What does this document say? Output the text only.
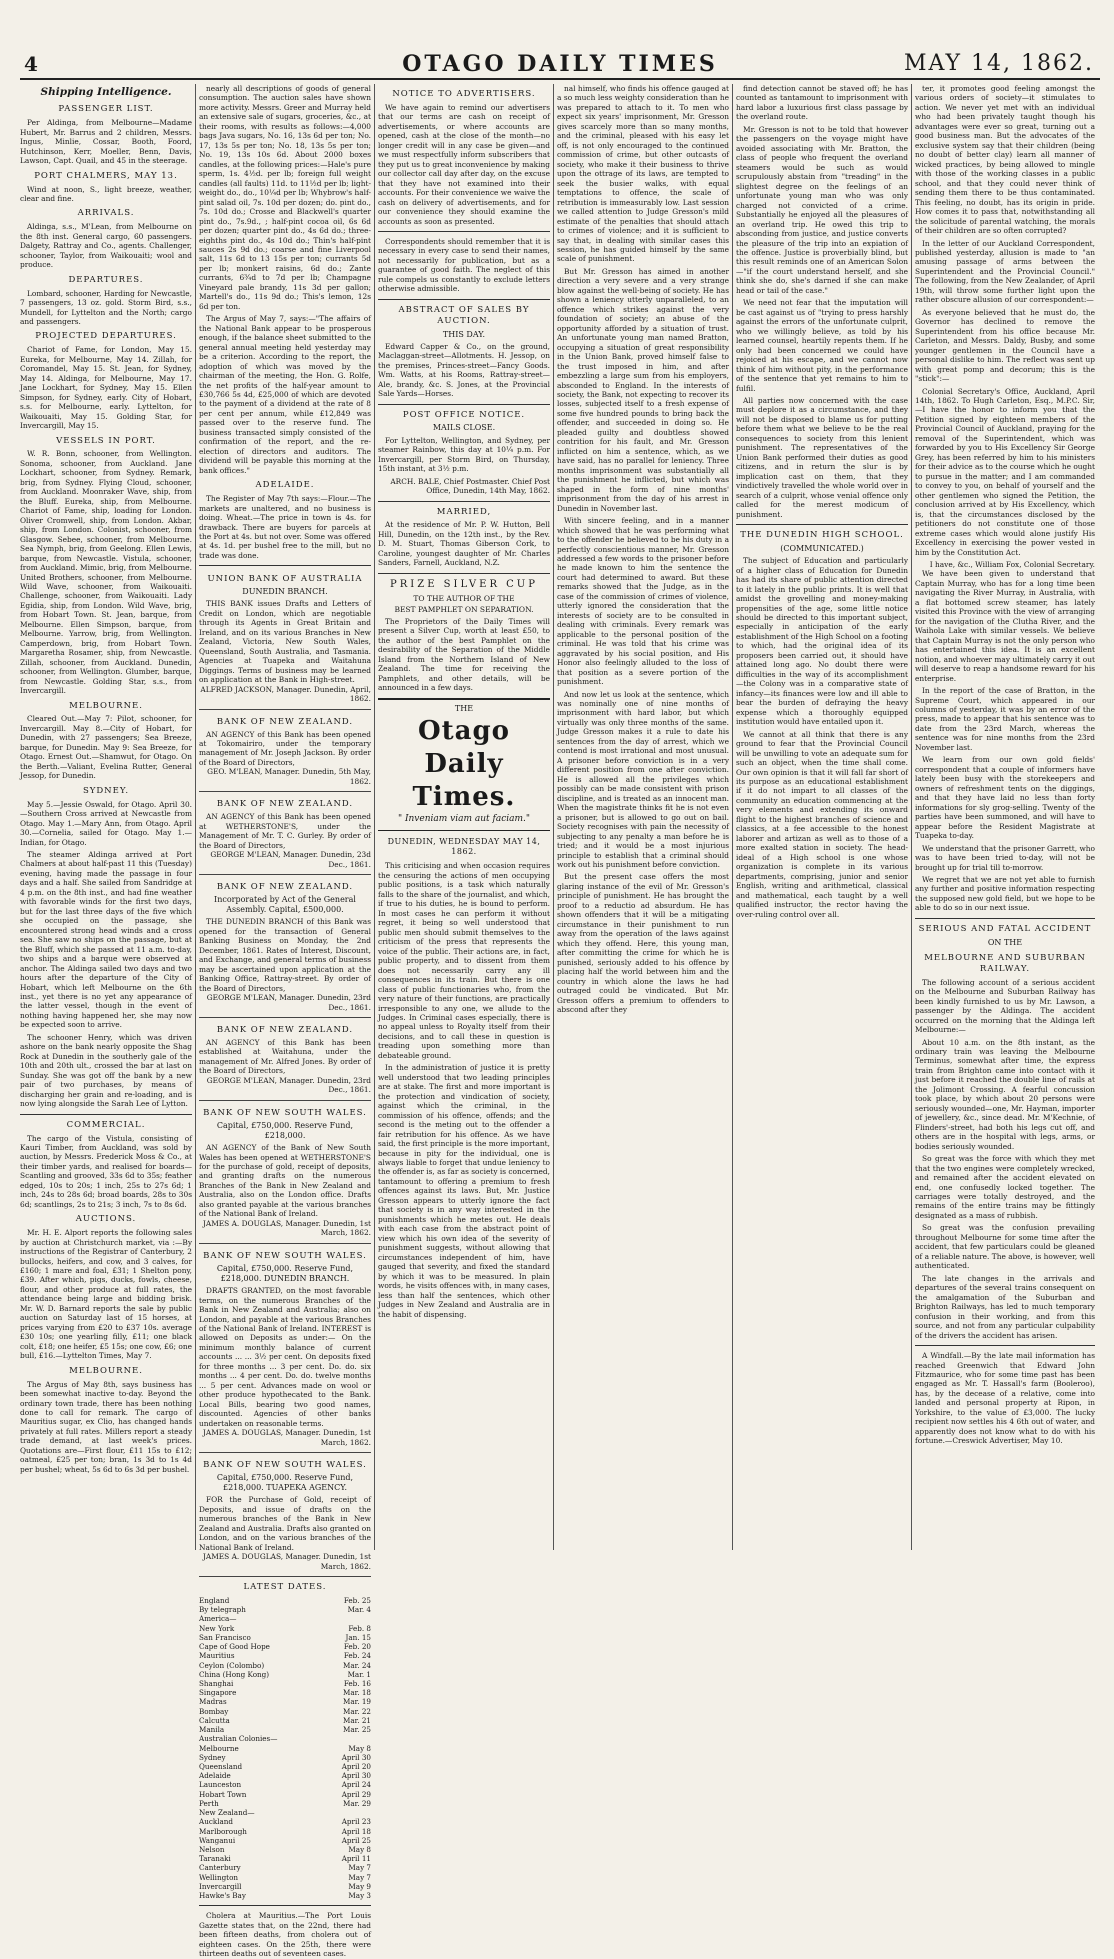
4	OTAGO DAILY TIMES	MAY 14, 1862.
Shipping Intelligence.
PASSENGER LIST.

Per Aldinga, from Melbourne—Madame Hubert, Mr. Barrus and 2 children, Messrs. Ingus, Minlie, Cossar, Booth, Foord, Hutchinson, Kerr, Moeller, Benn, Davis, Lawson, Capt. Quail, and 45 in the steerage.

PORT CHALMERS, MAY 13.

Wind at noon, S., light breeze, weather, clear and fine.

ARRIVALS.

Aldinga, s.s., M'Lean, from Melbourne on the 8th inst. General cargo, 60 passengers. Dalgety, Rattray and Co., agents. Challenger, schooner, Taylor, from Waikouaiti; wool and produce.

DEPARTURES.

Lombard, schooner, Harding for Newcastle, 7 passengers, 13 oz. gold. Storm Bird, s.s., Mundell, for Lyttelton and the North; cargo and passengers.

PROJECTED DEPARTURES.

Chariot of Fame, for London, May 15. Eureka, for Melbourne, May 14. Zillah, for Coromandel, May 15. St. Jean, for Sydney, May 14. Aldinga, for Melbourne, May 17. Jane Lockhart, for Sydney, May 15. Ellen Simpson, for Sydney, early. City of Hobart, s.s. for Melbourne, early. Lyttelton, for Waikouaiti, May 15. Golding Star, for Invercargill, May 15.

VESSELS IN PORT.

W. R. Bonn, schooner, from Wellington. Sonoma, schooner, from Auckland. Jane Lockhart, schooner, from Sydney. Remark, brig, from Sydney. Flying Cloud, schooner, from Auckland. Moonraker Wave, ship, from the Bluff. Eureka, ship, from Melbourne. Chariot of Fame, ship, loading for London. Oliver Cromwell, ship, from London. Akbar, ship, from London. Colonist, schooner, from Glasgow. Sebee, schooner, from Melbourne. Sea Nymph, brig, from Geelong. Ellen Lewis, barque, from Newcastle. Vistula, schooner, from Auckland. Mimic, brig, from Melbourne. United Brothers, schooner, from Melbourne. Wild Wave, schooner, from Waikouaiti. Challenge, schooner, from Waikouaiti. Lady Egidia, ship, from London. Wild Wave, brig, from Hobart Town. St. Jean, barque, from Melbourne. Ellen Simpson, barque, from Melbourne. Yarrow, brig, from Wellington. Camperdown, brig, from Hobart Town. Margaretha Rosamer, ship, from Newcastle. Zillah, schooner, from Auckland. Dunedin, schooner, from Wellington. Glumber, barque, from Newcastle. Golding Star, s.s., from Invercargill.

MELBOURNE.

Cleared Out.—May 7: Pilot, schooner, for Invercargill. May 8.—City of Hobart, for Dunedin, with 27 passengers; Sea Breeze, barque, for Dunedin. May 9: Sea Breeze, for Otago. Ernest Out.—Shamwut, for Otago. On the Berth.—Valiant, Evelina Rutter, General Jessop, for Dunedin.

SYDNEY.

May 5.—Jessie Oswald, for Otago. April 30.—Southern Cross arrived at Newcastle from Otago. May 1.—Mary Ann, from Otago. April 30.—Cornelia, sailed for Otago. May 1.—Indian, for Otago.

The steamer Aldinga arrived at Port Chalmers at about half-past 11 this (Tuesday) evening, having made the passage in four days and a half. She sailed from Sandridge at 4 p.m. on the 8th inst., and had fine weather with favorable winds for the first two days, but for the last three days of the five which she occupied on the passage, she encountered strong head winds and a cross sea. She saw no ships on the passage, but at the Bluff, which she passed at 11 a.m. to-day, two ships and a barque were observed at anchor. The Aldinga sailed two days and two hours after the departure of the City of Hobart, which left Melbourne on the 6th inst., yet there is no yet any appearance of the latter vessel, though in the event of nothing having happened her, she may now be expected soon to arrive.

The schooner Henry, which was driven ashore on the bank nearly opposite the Shag Rock at Dunedin in the southerly gale of the 10th and 20th ult., crossed the bar at last on Sunday. She was got off the bank by a new pair of two purchases, by means of discharging her grain and re-loading, and is now lying alongside the Sarah Lee of Lytton.

COMMERCIAL.

The cargo of the Vistula, consisting of Kauri Timber, from Auckland, was sold by auction, by Messrs. Frederick Moss & Co., at their timber yards, and realised for boards—Scantling and grooved, 33s 6d to 35s; feather edged, 10s to 20s; 1 inch, 25s to 27s 6d; 1 inch, 24s to 28s 6d; broad boards, 28s to 30s 6d; scantlings, 2s to 21s; 3 inch, 7s to 8s 6d.

AUCTIONS.

Mr. H. E. Alport reports the following sales by auction at Christchurch market, via :—By instructions of the Registrar of Canterbury, 2 bullocks, heifers, and cow, and 3 calves, for £160; 1 mare and foal, £31; 1 Shelton pony, £39. After which, pigs, ducks, fowls, cheese, flour, and other produce at full rates, the attendance being large and bidding brisk. Mr. W. D. Barnard reports the sale by public auction on Saturday last of 15 horses, at prices varying from £20 to £37 10s. average £30 10s; one yearling filly, £11; one black colt, £18; one heifer, £5 15s; one cow, £6; one bull, £16.—Lyttelton Times, May 7.

MELBOURNE.

The Argus of May 8th, says business has been somewhat inactive to-day. Beyond the ordinary town trade, there has been nothing done to call for remark. The cargo of Mauritius sugar, ex Clio, has changed hands privately at full rates. Millers report a steady trade demand, at last week's prices. Quotations are—First flour, £11 15s to £12; oatmeal, £25 per ton; bran, 1s 3d to 1s 4d per bushel; wheat, 5s 6d to 6s 3d per bushel.

nearly all descriptions of goods of general consumption. The auction sales have shown more activity. Messrs. Greer and Murray held an extensive sale of sugars, groceries, &c., at their rooms, with results as follows:—4,000 bags Java sugars, No. 16, 13s 6d per ton; No. 17, 13s 5s per ton; No. 18, 13s 5s per ton; No. 19, 13s 10s 6d. About 2000 boxes candles, at the following prices:—Hale's pure sperm, 1s. 4½d. per lb; foreign full weight candles (all faults) 11d. to 11½d per lb; light-weight do., do., 10¼d per lb; Whybrow's half-pint salad oil, 7s. 10d per dozen; do. pint do., 7s. 10d do.; Crosse and Blackwell's quarter pint do., 7s.9d., ; half-pint cocoa oil, 6s 6d per dozen; quarter pint do., 4s 6d do.; three-eighths pint do., 4s 10d do.; Thin's half-pint sauces 2s 9d do.; coarse and fine Liverpool salt, 11s 6d to 13 15s per ton; currants 5d per lb; monkert raisins, 6d do.; Zante currants, 6¾d to 7d per lb; Champagne Vineyard pale brandy, 11s 3d per gallon; Martell's do., 11s 9d do.; This's lemon, 12s 6d per ton.

The Argus of May 7, says:—"The affairs of the National Bank appear to be prosperous enough, if the balance sheet submitted to the general annual meeting held yesterday may be a criterion. According to the report, the adoption of which was moved by the chairman of the meeting, the Hon. G. Rolfe, the net profits of the half-year amount to £30,766 5s 4d, £25,000 of which are devoted to the payment of a dividend at the rate of 8 per cent per annum, while £12,849 was passed over to the reserve fund. The business transacted simply consisted of the confirmation of the report, and the re-election of directors and auditors. The dividend will be payable this morning at the bank offices."

ADELAIDE.

The Register of May 7th says:—Flour.—The markets are unaltered, and no business is doing. Wheat.—The price in town is 4s. for drawback. There are buyers for parcels at the Port at 4s. but not over. Some was offered at 4s. 1d. per bushel free to the mill, but no trade was done.

UNION BANK OF AUSTRALIA
DUNEDIN BRANCH.
THIS BANK issues Drafts and Letters of Credit on London, which are negotiable through its Agents in Great Britain and Ireland, and on its various Branches in New Zealand, Victoria, New South Wales, Queensland, South Australia, and Tasmania. Agencies at Tuapeka and Waitahuna Diggings. Terms of business may be learned on application at the Bank in High-street.
ALFRED JACKSON, Manager. Dunedin, April, 1862.
BANK OF NEW ZEALAND.
AN AGENCY of this Bank has been opened at Tokomairiro, under the temporary management of Mr. Joseph Jackson. By order of the Board of Directors,
GEO. M'LEAN, Manager. Dunedin, 5th May, 1862.
BANK OF NEW ZEALAND.
AN AGENCY of this Bank has been opened at WETHERSTONE'S, under the Management of Mr. T. C. Gurley. By order of the Board of Directors,
GEORGE M'LEAN, Manager. Dunedin, 23d Dec., 1861.
BANK OF NEW ZEALAND.
Incorporated by Act of the General Assembly. Capital, £500,000.
THE DUNEDIN BRANCH of this Bank was opened for the transaction of General Banking Business on Monday, the 2nd December, 1861. Rates of Interest, Discount, and Exchange, and general terms of business may be ascertained upon application at the Banking Office, Rattray-street. By order of the Board of Directors,
GEORGE M'LEAN, Manager. Dunedin, 23rd Dec., 1861.
BANK OF NEW ZEALAND.
AN AGENCY of this Bank has been established at Waitahuna, under the management of Mr. Alfred Jones. By order of the Board of Directors,
GEORGE M'LEAN, Manager. Dunedin, 23rd Dec., 1861.
BANK OF NEW SOUTH WALES.
Capital, £750,000. Reserve Fund, £218,000.
AN AGENCY of the Bank of New South Wales has been opened at WETHERSTONE'S for the purchase of gold, receipt of deposits, and granting drafts on the numerous Branches of the Bank in New Zealand and Australia, also on the London office. Drafts also granted payable at the various branches of the National Bank of Ireland.
JAMES A. DOUGLAS, Manager. Dunedin, 1st March, 1862.
BANK OF NEW SOUTH WALES.
Capital, £750,000. Reserve Fund, £218,000. DUNEDIN BRANCH.
DRAFTS GRANTED, on the most favorable terms, on the numerous Branches of the Bank in New Zealand and Australia; also on London, and payable at the various Branches of the National Bank of Ireland. INTEREST is allowed on Deposits as under:— On the minimum monthly balance of current accounts ... ... 3½ per cent. On deposits fixed for three months ... 3 per cent. Do. do. six months ... 4 per cent. Do. do. twelve months ... 5 per cent. Advances made on wool or other produce hypothecated to the Bank. Local Bills, bearing two good names, discounted. Agencies of other banks undertaken on reasonable terms.
JAMES A. DOUGLAS, Manager. Dunedin, 1st March, 1862.
BANK OF NEW SOUTH WALES.
Capital, £750,000. Reserve Fund, £218,000. TUAPEKA AGENCY.
FOR the Purchase of Gold, receipt of Deposits, and issue of drafts on the numerous branches of the Bank in New Zealand and Australia. Drafts also granted on London, and on the various branches of the National Bank of Ireland.
JAMES A. DOUGLAS, Manager. Dunedin, 1st March, 1862.
LATEST DATES.
England	Feb. 25
By telegraph	Mar. 4
America—	
New York	Feb. 8
San Francisco	Jan. 15
Cape of Good Hope	Feb. 20
Mauritius	Feb. 24
Ceylon (Colombo)	Mar. 24
China (Hong Kong)	Mar. 1
Shanghai	Feb. 16
Singapore	Mar. 18
Madras	Mar. 19
Bombay	Mar. 22
Calcutta	Mar. 21
Manila	Mar. 25
Australian Colonies—	
Melbourne	May 8
Sydney	April 30
Queensland	April 20
Adelaide	April 30
Launceston	April 24
Hobart Town	April 29
Perth	Mar. 29
New Zealand—	
Auckland	April 23
Marlborough	April 18
Wanganui	April 25
Nelson	May 8
Taranaki	April 11
Canterbury	May 7
Wellington	May 7
Invercargill	May 9
Hawke's Bay	May 3

Cholera at Mauritius.—The Port Louis Gazette states that, on the 22nd, there had been fifteen deaths, from cholera out of eighteen cases. On the 25th, there were thirteen deaths out of seventeen cases.

NOTICE TO ADVERTISERS.

We have again to remind our advertisers that our terms are cash on receipt of advertisements, or where accounts are opened, cash at the close of the month—no longer credit will in any case be given—and we must respectfully inform subscribers that they put us to great inconvenience by making our collector call day after day, on the excuse that they have not examined into their accounts. For their convenience we waive the cash on delivery of advertisements, and for our convenience they should examine the accounts as soon as presented.

Correspondents should remember that it is necessary in every case to send their names, not necessarily for publication, but as a guarantee of good faith. The neglect of this rule compels us constantly to exclude letters otherwise admissible.

ABSTRACT OF SALES BY AUCTION.
THIS DAY.

Edward Capper & Co., on the ground, Maclaggan-street—Allotments. H. Jessop, on the premises, Princes-street—Fancy Goods. Wm. Watts, at his Rooms, Rattray-street—Ale, brandy, &c. S. Jones, at the Provincial Sale Yards—Horses.

POST OFFICE NOTICE.
MAILS CLOSE.

For Lyttelton, Wellington, and Sydney, per steamer Rainbow, this day at 10¼ p.m. For Invercargill, per Storm Bird, on Thursday, 15th instant, at 3½ p.m.

ARCH. BALE, Chief Postmaster. Chief Post Office, Dunedin, 14th May, 1862.
MARRIED,

At the residence of Mr. P. W. Hutton, Bell Hill, Dunedin, on the 12th inst., by the Rev. D. M. Stuart, Thomas Giberson Cork, to Caroline, youngest daughter of Mr. Charles Sanders, Farnell, Auckland, N.Z.

PRIZE SILVER CUP
TO THE AUTHOR OF THE
BEST PAMPHLET ON SEPARATION.

The Proprietors of the Daily Times will present a Silver Cup, worth at least £50, to the author of the best Pamphlet on the desirability of the Separation of the Middle Island from the Northern Island of New Zealand. The time for receiving the Pamphlets, and other details, will be announced in a few days.

THE
Otago Daily Times.
" Inveniam viam aut faciam."
DUNEDIN, WEDNESDAY MAY 14, 1862.

This criticising and when occasion requires the censuring the actions of men occupying public positions, is a task which naturally falls to the share of the journalist, and which, if true to his duties, he is bound to perform. In most cases he can perform it without regret, it being so well understood that public men should submit themselves to the criticism of the press that represents the voice of the public. Their actions are, in fact, public property, and to dissent from them does not necessarily carry any ill consequences in its train. But there is one class of public functionaries who, from the very nature of their functions, are practically irresponsible to any one, we allude to the Judges. In Criminal cases especially, there is no appeal unless to Royalty itself from their decisions, and to call these in question is treading upon something more than debateable ground.

In the administration of justice it is pretty well understood that two leading principles are at stake. The first and more important is the protection and vindication of society, against which the criminal, in the commission of his offence, offends; and the second is the meting out to the offender a fair retribution for his offence. As we have said, the first principle is the more important, because in pity for the individual, one is always liable to forget that undue leniency to the offender is, as far as society is concerned, tantamount to offering a premium to fresh offences against its laws. But, Mr. Justice Gresson appears to utterly ignore the fact that society is in any way interested in the punishments which he metes out. He deals with each case from the abstract point of view which his own idea of the severity of punishment suggests, without allowing that circumstances independent of him, have gauged that severity, and fixed the standard by which it was to be measured. In plain words, he visits offences with, in many cases, less than half the sentences, which other Judges in New Zealand and Australia are in the habit of dispensing.

nal himself, who finds his offence gauged at a so much less weighty consideration than he was prepared to attach to it. To men who expect six years' imprisonment, Mr. Gresson gives scarcely more than so many months, and the criminal, pleased with his easy let off, is not only encouraged to the continued commission of crime, but other outcasts of society, who make it their business to thrive upon the ottrage of its laws, are tempted to seek the busier walks, with equal temptations to offence, the scale of retribution is immeasurably low. Last session we called attention to Judge Gresson's mild estimate of the penalties that should attach to crimes of violence; and it is sufficient to say that, in dealing with similar cases this session, he has guided himself by the same scale of punishment.

But Mr. Gresson has aimed in another direction a very severe and a very strange blow against the well-being of society. He has shown a leniency utterly unparalleled, to an offence which strikes against the very foundation of society; an abuse of the opportunity afforded by a situation of trust. An unfortunate young man named Bratton, occupying a situation of great responsibility in the Union Bank, proved himself false to the trust imposed in him, and after embezzling a large sum from his employers, absconded to England. In the interests of society, the Bank, not expecting to recover its losses, subjected itself to a fresh expense of some five hundred pounds to bring back the offender, and succeeded in doing so. He pleaded guilty and doubtless showed contrition for his fault, and Mr. Gresson inflicted on him a sentence, which, as we have said, has no parallel for leniency. Three months imprisonment was substantially all the punishment he inflicted, but which was shaped in the form of nine months' imprisonment from the day of his arrest in Dunedin in November last.

With sincere feeling, and in a manner which showed that he was performing what to the offender he believed to be his duty in a perfectly conscientious manner, Mr. Gresson addressed a few words to the prisoner before he made known to him the sentence the court had determined to award. But these remarks showed that the Judge, as in the case of the commission of crimes of violence, utterly ignored the consideration that the interests of society are to be consulted in dealing with criminals. Every remark was applicable to the personal position of the criminal. He was told that his crime was aggravated by his social position, and His Honor also feelingly alluded to the loss of that position as a severe portion of the punishment.

And now let us look at the sentence, which was nominally one of nine months of imprisonment with hard labor, but which virtually was only three months of the same. Judge Gresson makes it a rule to date his sentences from the day of arrest, which we contend is most irrational and most unusual. A prisoner before conviction is in a very different position from one after conviction. He is allowed all the privileges which possibly can be made consistent with prison discipline, and is treated as an innocent man. When the magistrate thinks fit he is not even a prisoner, but is allowed to go out on bail. Society recognises with pain the necessity of subjecting to any penalty a man before he is tried; and it would be a most injurious principle to establish that a criminal should work out his punishment before conviction.

But the present case offers the most glaring instance of the evil of Mr. Gresson's principle of punishment. He has brought the proof to a reductio ad absurdum. He has shown offenders that it will be a mitigating circumstance in their punishment to run away from the operation of the laws against which they offend. Here, this young man, after committing the crime for which he is punished, seriously added to his offence by placing half the world between him and the country in which alone the laws he had outraged could be vindicated. But Mr. Gresson offers a premium to offenders to abscond after they

find detection cannot be staved off; he has counted as tantamount to imprisonment with hard labor a luxurious first class passage by the overland route.

Mr. Gresson is not to be told that however the passengers on the voyage might have avoided associating with Mr. Bratton, the class of people who frequent the overland steamers would be such as would scrupulously abstain from "treading" in the slightest degree on the feelings of an unfortunate young man who was only charged not convicted of a crime. Substantially he enjoyed all the pleasures of an overland trip. He owed this trip to absconding from justice, and justice converts the pleasure of the trip into an expiation of the offence. Justice is proverbially blind, but this result reminds one of an American Solon—"if the court understand herself, and she think she do, she's darned if she can make head or tail of the case."

We need not fear that the imputation will be cast against us of "trying to press harshly against the errors of the unfortunate culprit, who we willingly believe, as told by his learned counsel, heartily repents them. If he only had been concerned we could have rejoiced at his escape, and we cannot now think of him without pity, in the performance of the sentence that yet remains to him to fulfil.

All parties now concerned with the case must deplore it as a circumstance, and they will not be disposed to blame us for putting before them what we believe to be the real consequences to society from this lenient punishment. The representatives of the Union Bank performed their duties as good citizens, and in return the slur is by implication cast on them, that they vindictively travelled the whole world over in search of a culprit, whose venial offence only called for the merest modicum of punishment.

THE DUNEDIN HIGH SCHOOL.
(COMMUNICATED.)

The subject of Education and particularly of a higher class of Education for Dunedin has had its share of public attention directed to it lately in the public prints. It is well that amidst the grovelling and money-making propensities of the age, some little notice should be directed to this important subject, especially in anticipation of the early establishment of the High School on a footing to which, had the original idea of its proposers been carried out, it should have attained long ago. No doubt there were difficulties in the way of its accomplishment—the Colony was in a comparative state of infancy—its finances were low and ill able to bear the burden of defraying the heavy expense which a thoroughly equipped institution would have entailed upon it.

We cannot at all think that there is any ground to fear that the Provincial Council will be unwilling to vote an adequate sum for such an object, when the time shall come. Our own opinion is that it will fall far short of its purpose as an educational establishment if it do not impart to all classes of the community an education commencing at the very elements and extending its onward flight to the highest branches of science and classics, at a fee accessible to the honest laborer and artizan as well as to those of a more exalted station in society. The head-ideal of a High school is one whose organization is complete in its various departments, comprising, junior and senior English, writing and arithmetical, classical and mathematical, each taught by a well qualified instructor, the rector having the over-ruling control over all.

ter, it promotes good feeling amongst the various orders of society—it stimulates to action. We never yet met with an individual who had been privately taught though his advantages were ever so great, turning out a good business man. But the advocates of the exclusive system say that their children (being no doubt of better clay) learn all manner of wicked practices, by being allowed to mingle with those of the working classes in a public school, and that they could never think of sending them there to be thus contaminated. This feeling, no doubt, has its origin in pride. How comes it to pass that, notwithstanding all the solicitude of parental watching, the morals of their children are so often corrupted?

In the letter of our Auckland Correspondent, published yesterday, allusion is made to "an amusing passage of arms between the Superintendent and the Provincial Council." The following, from the New Zealander, of April 19th, will throw some further light upon the rather obscure allusion of our correspondent:—

As everyone believed that he must do, the Governor has declined to remove the Superintendent from his office because Mr. Carleton, and Messrs. Daldy, Busby, and some younger gentlemen in the Council have a personal dislike to him. The reflect was sent up with great pomp and decorum; this is the "stick":—

Colonial Secretary's Office, Auckland, April 14th, 1862. To Hugh Carleton, Esq., M.P.C. Sir,—I have the honor to inform you that the Petition signed by eighteen members of the Provincial Council of Auckland, praying for the removal of the Superintendent, which was forwarded by you to His Excellency Sir George Grey, has been referred by him to his ministers for their advice as to the course which he ought to pursue in the matter; and I am commanded to convey to you, on behalf of yourself and the other gentlemen who signed the Petition, the conclusion arrived at by His Excellency, which is, that the circumstances disclosed by the petitioners do not constitute one of those extreme cases which would alone justify His Excellency in exercising the power vested in him by the Constitution Act.

I have, &c., William Fox, Colonial Secretary.

We have been given to understand that Captain Murray, who has for a long time been navigating the River Murray, in Australia, with a flat bottomed screw steamer, has lately visited this Province with the view of arranging for the navigation of the Clutha River, and the Waihola Lake with similar vessels. We believe that Captain Murray is not the only person who has entertained this idea. It is an excellent notion, and whoever may ultimately carry it out will deserve to reap a handsome reward for his enterprise.

In the report of the case of Bratton, in the Supreme Court, which appeared in our columns of yesterday, it was by an error of the press, made to appear that his sentence was to date from the 23rd March, whereas the sentence was for nine months from the 23rd November last.

We learn from our own gold fields' correspondent that a couple of informers have lately been busy with the storekeepers and owners of refreshment tents on the diggings, and that they have laid no less than forty informations for sly grog-selling. Twenty of the parties have been summoned, and will have to appear before the Resident Magistrate at Tuapeka to-day.

We understand that the prisoner Garrett, who was to have been tried to-day, will not be brought up for trial till to-morrow.

We regret that we are not yet able to furnish any further and positive information respecting the supposed new gold field, but we hope to be able to do so in our next issue.

SERIOUS AND FATAL ACCIDENT
ON THE
MELBOURNE AND SUBURBAN RAILWAY.

The following account of a serious accident on the Melbourne and Suburban Railway has been kindly furnished to us by Mr. Lawson, a passenger by the Aldinga. The accident occurred on the morning that the Aldinga left Melbourne:—

About 10 a.m. on the 8th instant, as the ordinary train was leaving the Melbourne Terminus, somewhat after time, the express train from Brighton came into contact with it just before it reached the double line of rails at the Jolimont Crossing. A fearful concussion took place, by which about 20 persons were seriously wounded—one, Mr. Hayman, importer of jewellery, &c., since dead. Mr. M'Kechnie, of Flinders'-street, had both his legs cut off, and others are in the hospital with legs, arms, or bodies seriously wounded.

So great was the force with which they met that the two engines were completely wrecked, and remained after the accident elevated on end, one confusedly locked together. The carriages were totally destroyed, and the remains of the entire trains may be fittingly designated as a mass of rubbish.

So great was the confusion prevailing throughout Melbourne for some time after the accident, that few particulars could be gleaned of a reliable nature. The above, is however, well authenticated.

The late changes in the arrivals and departures of the several trains consequent on the amalgamation of the Suburban and Brighton Railways, has led to much temporary confusion in their working, and from this source, and not from any particular culpability of the drivers the accident has arisen.

A Windfall.—By the late mail information has reached Greenwich that Edward John Fitzmaurice, who for some time past has been engaged as Mr. T. Hassall's farm (Booleroo), has, by the decease of a relative, come into landed and personal property at Ripon, in Yorkshire, to the value of £3,000. The lucky recipient now settles his 4 6th out of water, and apparently does not know what to do with his fortune.—Creswick Advertiser, May 10.
